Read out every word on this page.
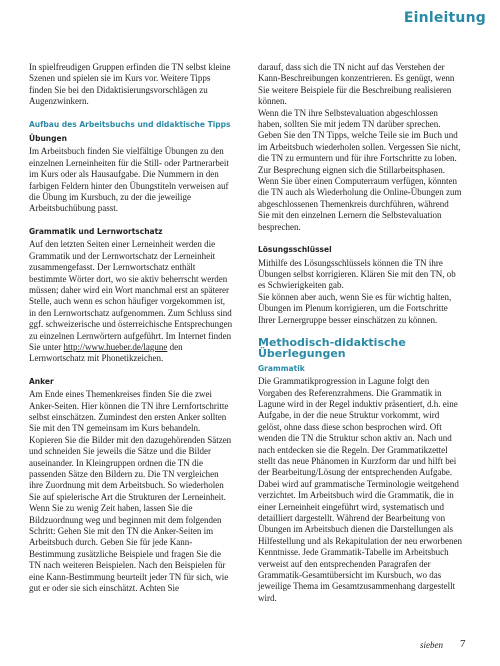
Einleitung

In spielfreudigen Gruppen erfinden die TN selbst kleine Szenen und spielen sie im Kurs vor. Weitere Tipps finden Sie bei den Didaktisierungsvorschlägen zu Augenzwinkern.

Aufbau des Arbeitsbuchs und didaktische Tipps
Übungen

Im Arbeitsbuch finden Sie vielfältige Übungen zu den einzelnen Lerneinheiten für die Still- oder Partnerarbeit im Kurs oder als Hausaufgabe. Die Nummern in den farbigen Feldern hinter den Übungstiteln verweisen auf die Übung im Kursbuch, zu der die jeweilige Arbeitsbuchübung passt.

Grammatik und Lernwortschatz

Auf den letzten Seiten einer Lerneinheit werden die Grammatik und der Lernwortschatz der Lerneinheit zusammengefasst. Der Lernwortschatz enthält bestimmte Wörter dort, wo sie aktiv beherrscht werden müssen; daher wird ein Wort manchmal erst an späterer Stelle, auch wenn es schon häufiger vorgekommen ist, in den Lernwortschatz aufgenommen. Zum Schluss sind ggf. schweizerische und österreichische Entsprechungen zu einzelnen Lernwörtern aufgeführt. Im Internet finden Sie unter http://www.hueber.de/lagune den Lernwortschatz mit Phonetikzeichen.

Anker

Am Ende eines Themenkreises finden Sie die zwei Anker-Seiten. Hier können die TN ihre Lernfortschritte selbst einschätzen. Zumindest den ersten Anker sollten Sie mit den TN gemeinsam im Kurs behandeln. Kopieren Sie die Bilder mit den dazugehörenden Sätzen und schneiden Sie jeweils die Sätze und die Bilder auseinander. In Kleingruppen ordnen die TN die passenden Sätze den Bildern zu. Die TN vergleichen ihre Zuordnung mit dem Arbeitsbuch. So wiederholen Sie auf spielerische Art die Strukturen der Lerneinheit. Wenn Sie zu wenig Zeit haben, lassen Sie die Bildzuordnung weg und beginnen mit dem folgenden Schritt: Gehen Sie mit den TN die Anker-Seiten im Arbeitsbuch durch. Geben Sie für jede Kann-Bestimmung zusätzliche Beispiele und fragen Sie die TN nach weiteren Beispielen. Nach den Beispielen für eine Kann-Bestimmung beurteilt jeder TN für sich, wie gut er oder sie sich einschätzt. Achten Sie

darauf, dass sich die TN nicht auf das Verstehen der Kann-Beschreibungen konzentrieren. Es genügt, wenn Sie weitere Beispiele für die Beschreibung realisieren können.

Wenn die TN ihre Selbstevaluation abgeschlossen haben, sollten Sie mit jedem TN darüber sprechen. Geben Sie den TN Tipps, welche Teile sie im Buch und im Arbeitsbuch wiederholen sollen. Vergessen Sie nicht, die TN zu ermuntern und für ihre Fortschritte zu loben.

Zur Besprechung eignen sich die Stillarbeitsphasen. Wenn Sie über einen Computerraum verfügen, könnten die TN auch als Wiederholung die Online-Übungen zum abgeschlossenen Themenkreis durchführen, während Sie mit den einzelnen Lernern die Selbstevaluation besprechen.

Lösungsschlüssel

Mithilfe des Lösungsschlüssels können die TN ihre Übungen selbst korrigieren. Klären Sie mit den TN, ob es Schwierigkeiten gab.

Sie können aber auch, wenn Sie es für wichtig halten, Übungen im Plenum korrigieren, um die Fortschritte Ihrer Lernergruppe besser einschätzen zu können.

Methodisch-didaktische Überlegungen
Grammatik

Die Grammatikprogression in Lagune folgt den Vorgaben des Referenzrahmens. Die Grammatik in Lagune wird in der Regel induktiv präsentiert, d.h. eine Aufgabe, in der die neue Struktur vorkommt, wird gelöst, ohne dass diese schon besprochen wird. Oft wenden die TN die Struktur schon aktiv an. Nach und nach entdecken sie die Regeln. Der Grammatikzettel stellt das neue Phänomen in Kurzform dar und hilft bei der Bearbeitung/Lösung der entsprechenden Aufgabe. Dabei wird auf grammatische Terminologie weitgehend verzichtet. Im Arbeitsbuch wird die Grammatik, die in einer Lerneinheit eingeführt wird, systematisch und detailliert dargestellt. Während der Bearbeitung von Übungen im Arbeitsbuch dienen die Darstellungen als Hilfestellung und als Rekapitulation der neu erworbenen Kenntnisse. Jede Grammatik-Tabelle im Arbeitsbuch verweist auf den entsprechenden Paragrafen der Grammatik-Gesamtübersicht im Kursbuch, wo das jeweilige Thema im Gesamtzusammenhang dargestellt wird.

sieben 7
